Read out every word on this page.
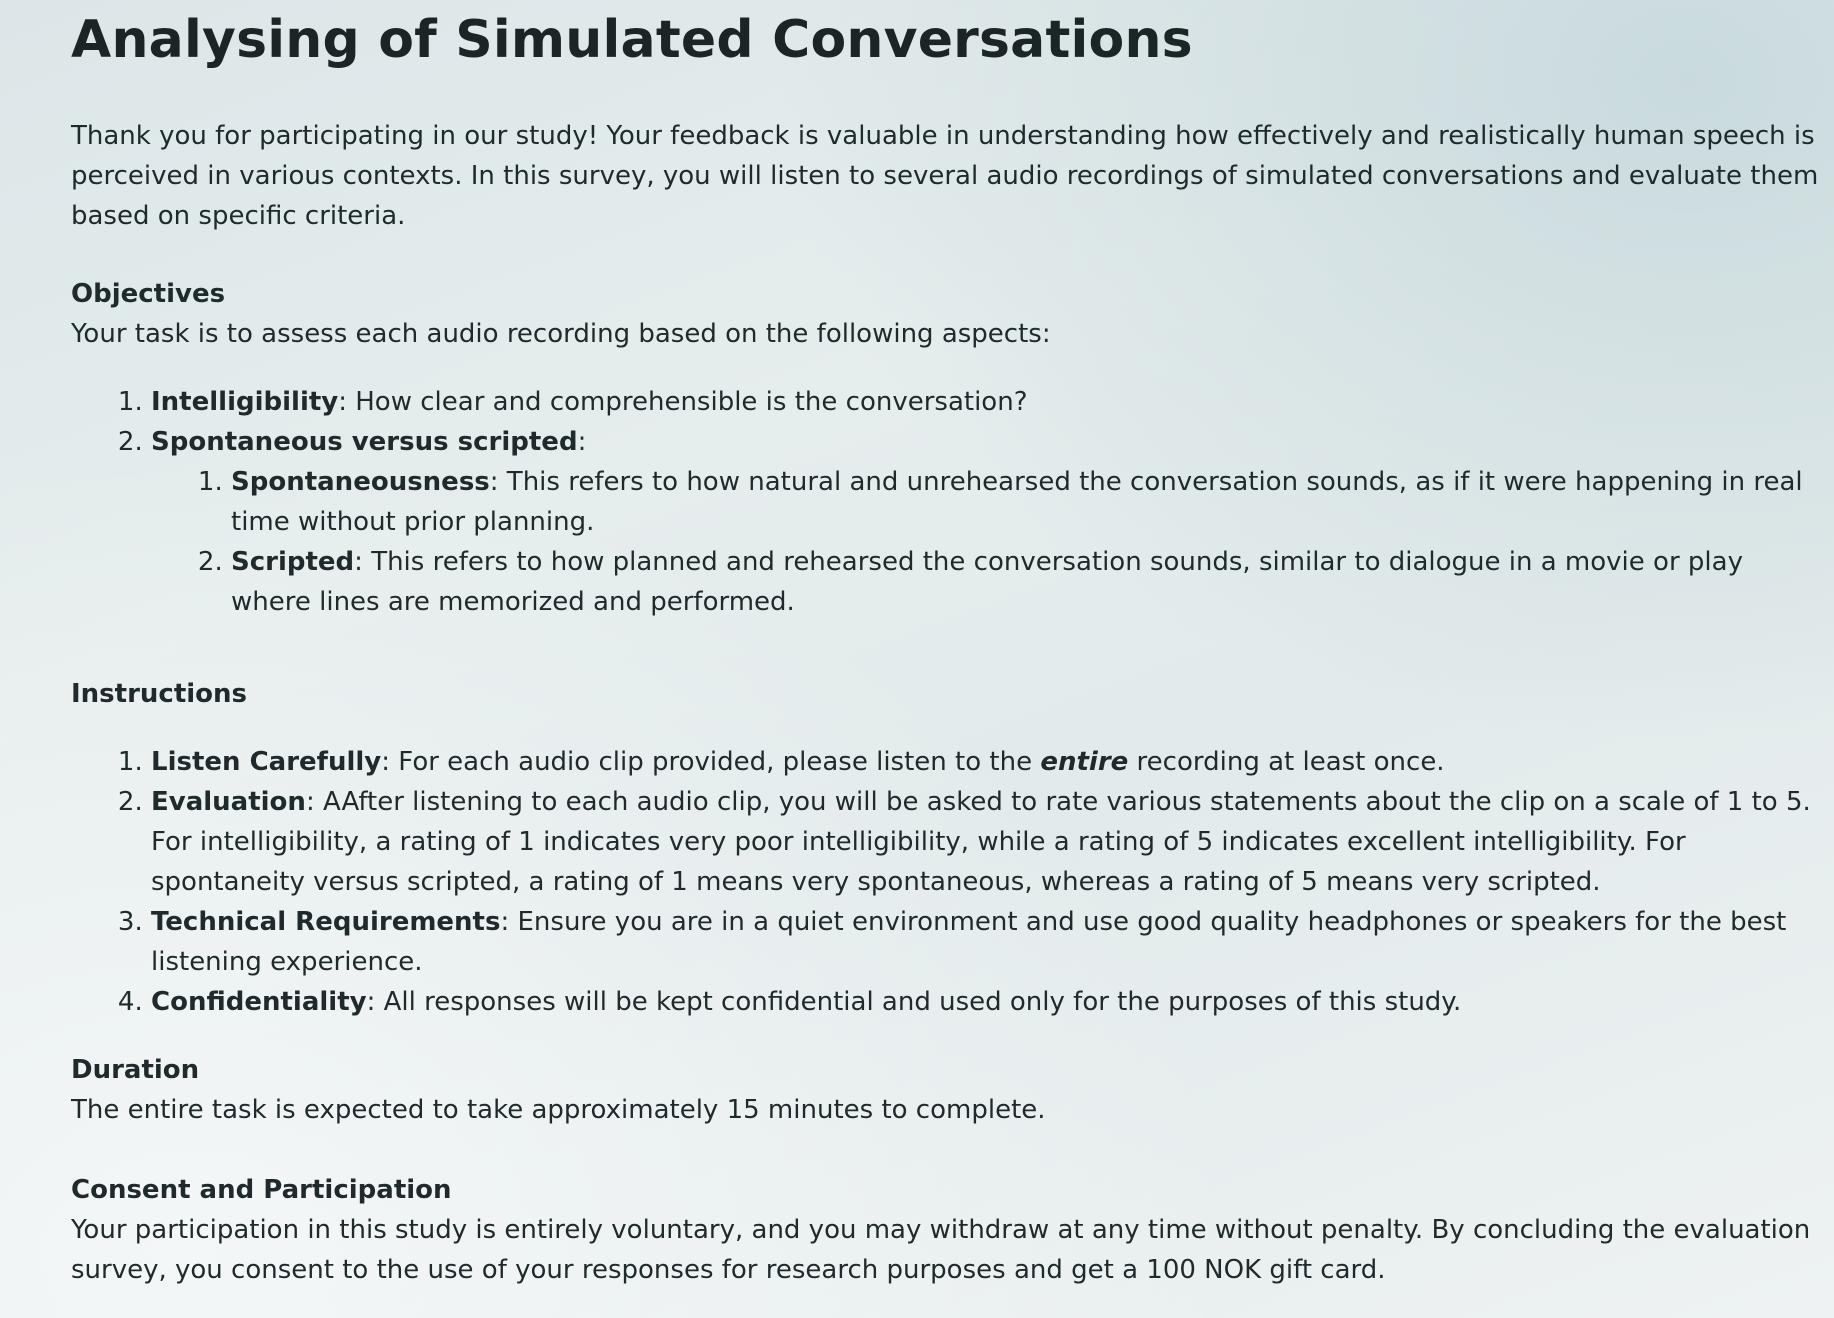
Analysing of Simulated Conversations

Thank you for participating in our study! Your feedback is valuable in understanding how effectively and realistically human speech is perceived in various contexts. In this survey, you will listen to several audio recordings of simulated conversations and evaluate them based on specific criteria.

Objectives

Your task is to assess each audio recording based on the following aspects:

1. Intelligibility: How clear and comprehensible is the conversation?
2. Spontaneous versus scripted:
1. Spontaneousness: This refers to how natural and unrehearsed the conversation sounds, as if it were happening in real time without prior planning.
2. Scripted: This refers to how planned and rehearsed the conversation sounds, similar to dialogue in a movie or play where lines are memorized and performed.
Instructions
1. Listen Carefully: For each audio clip provided, please listen to the entire recording at least once.
2. Evaluation: AAfter listening to each audio clip, you will be asked to rate various statements about the clip on a scale of 1 to 5. For intelligibility, a rating of 1 indicates very poor intelligibility, while a rating of 5 indicates excellent intelligibility. For spontaneity versus scripted, a rating of 1 means very spontaneous, whereas a rating of 5 means very scripted.
3. Technical Requirements: Ensure you are in a quiet environment and use good quality headphones or speakers for the best listening experience.
4. Confidentiality: All responses will be kept confidential and used only for the purposes of this study.
Duration

The entire task is expected to take approximately 15 minutes to complete.

Consent and Participation

Your participation in this study is entirely voluntary, and you may withdraw at any time without penalty. By concluding the evaluation survey, you consent to the use of your responses for research purposes and get a 100 NOK gift card.
